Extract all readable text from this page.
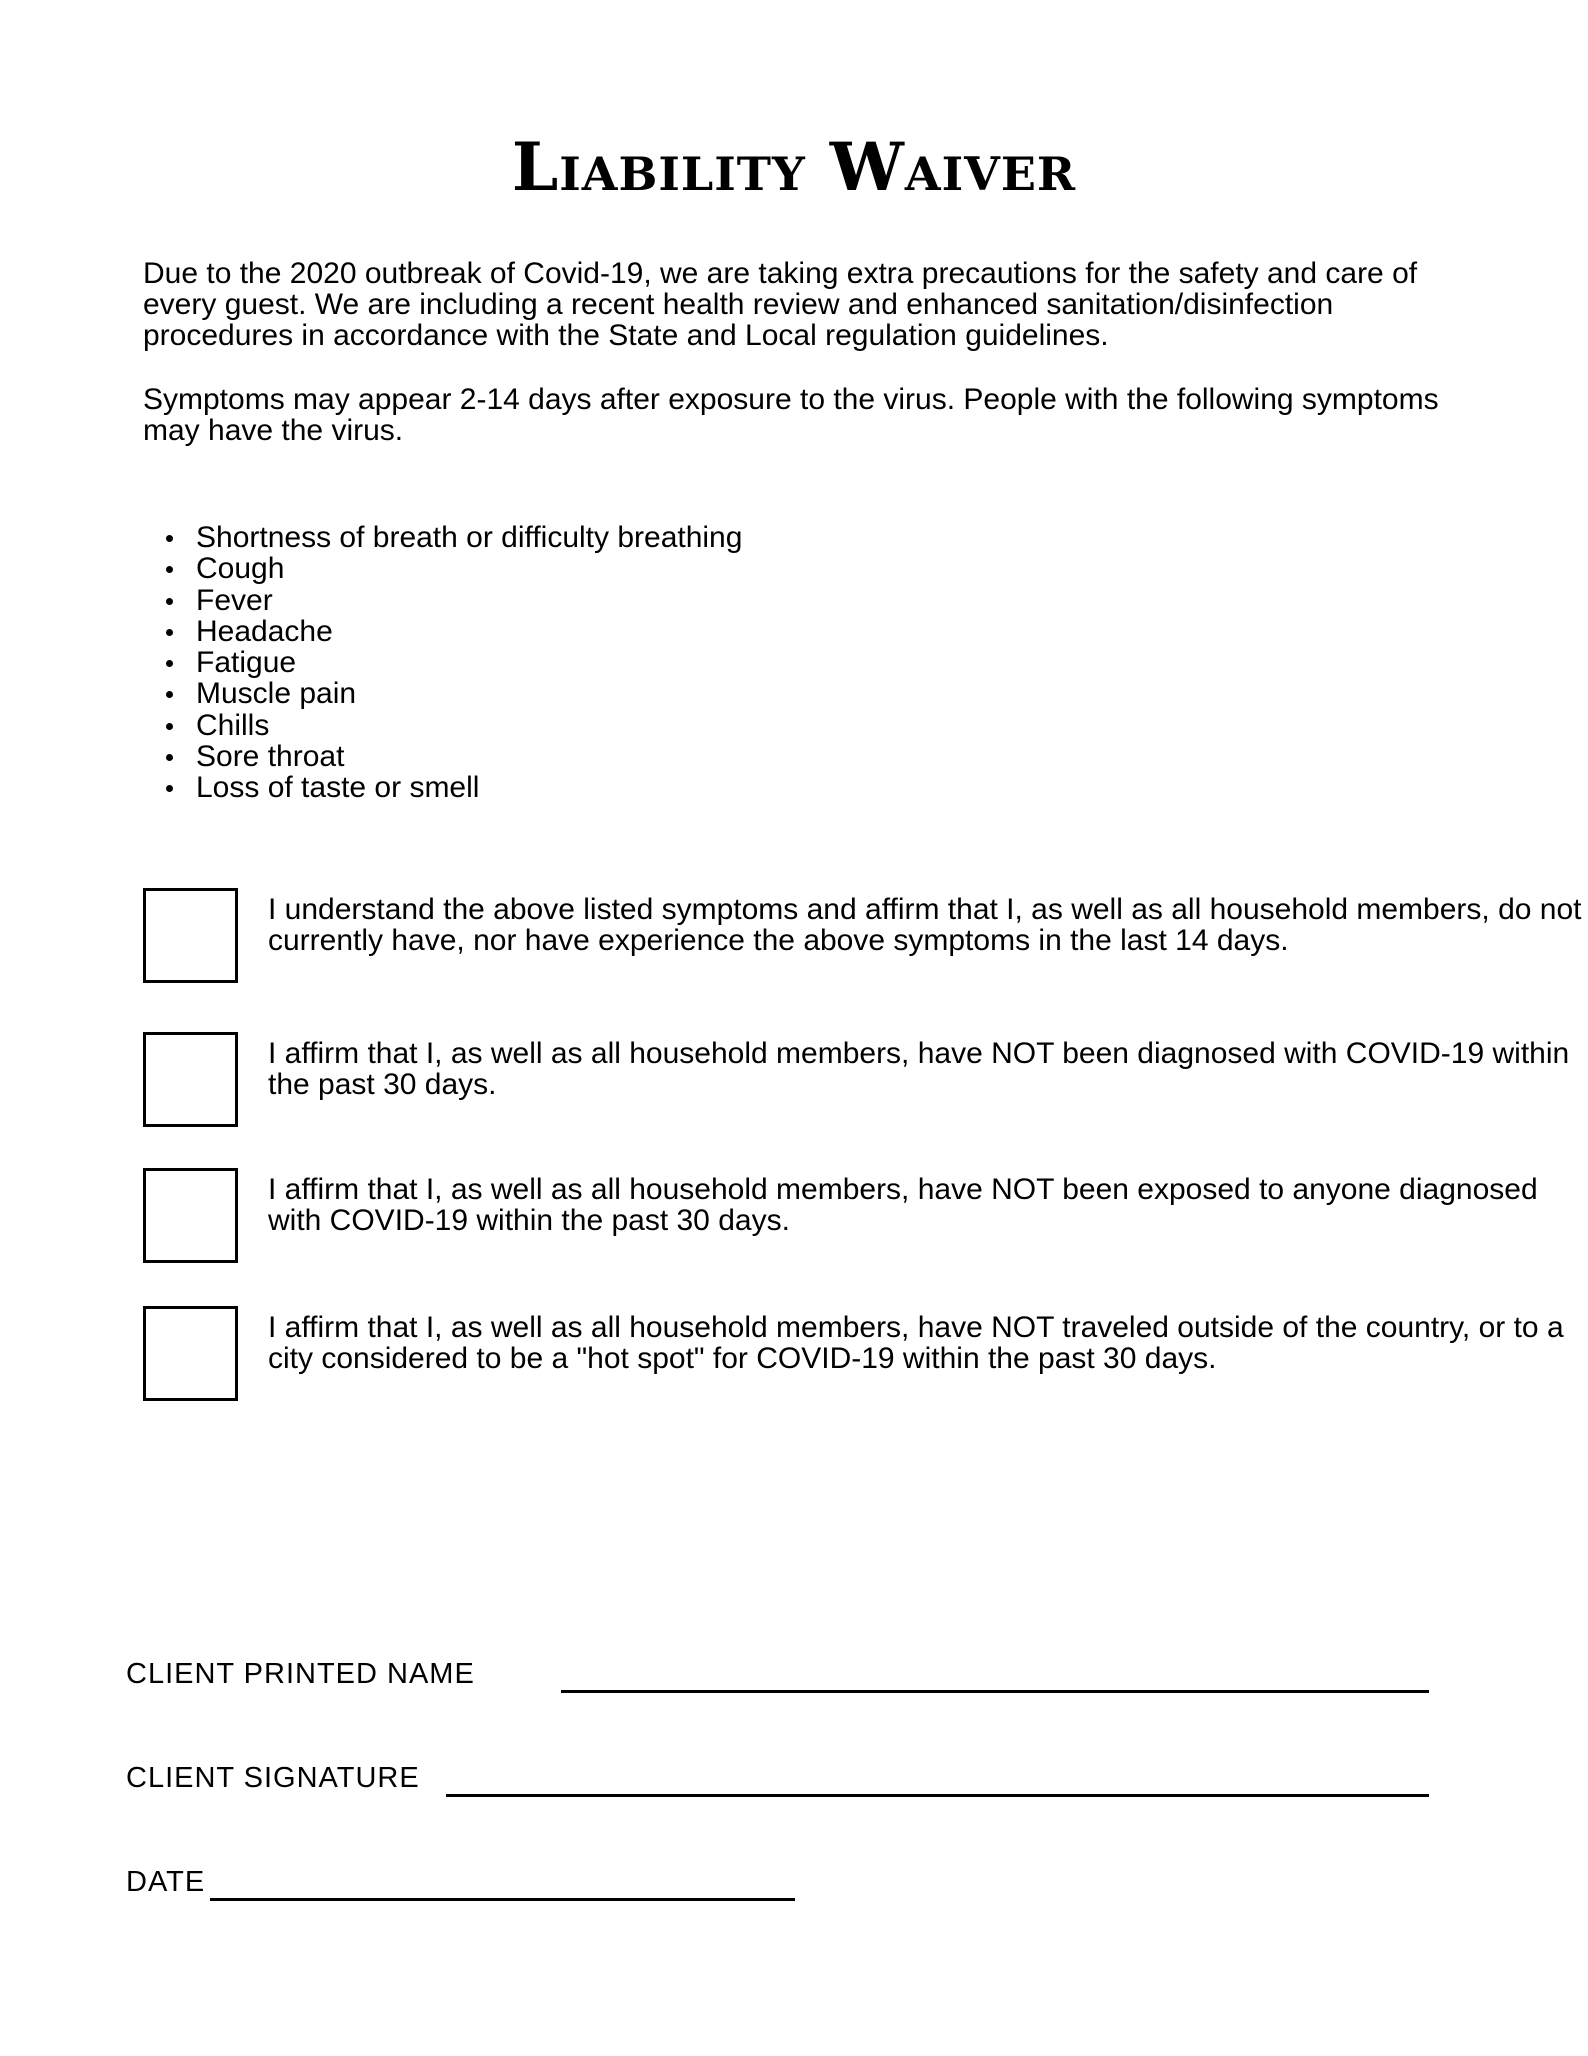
Liability Waiver

Due to the 2020 outbreak of Covid-19, we are taking extra precautions for the safety and care of every guest. We are including a recent health review and enhanced sanitation/disinfection procedures in accordance with the State and Local regulation guidelines.

Symptoms may appear 2-14 days after exposure to the virus. People with the following symptoms may have the virus.

Shortness of breath or difficulty breathing
Cough
Fever
Headache
Fatigue
Muscle pain
Chills
Sore throat
Loss of taste or smell

I understand the above listed symptoms and affirm that I, as well as all household members, do not currently have, nor have experience the above symptoms in the last 14 days.

I affirm that I, as well as all household members, have NOT been diagnosed with COVID-19 within the past 30 days.

I affirm that I, as well as all household members, have NOT been exposed to anyone diagnosed with COVID-19 within the past 30 days.

I affirm that I, as well as all household members, have NOT traveled outside of the country, or to a city considered to be a "hot spot" for COVID-19 within the past 30 days.

CLIENT PRINTED NAME
CLIENT SIGNATURE
DATE
